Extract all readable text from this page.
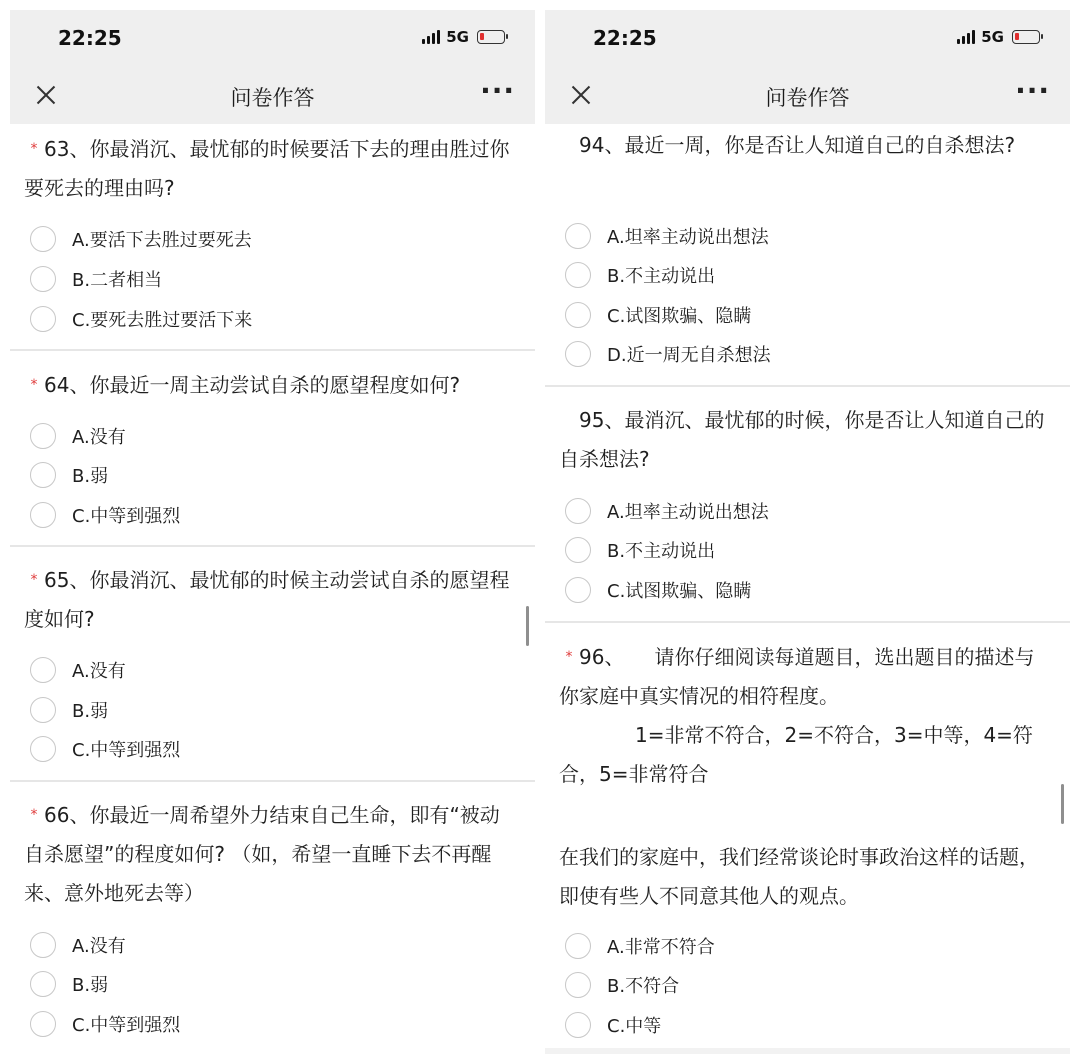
22:25	5G
问卷作答	···
* 63、你最消沉、最忧郁的时候要活下去的理由胜过你要死去的理由吗?
A.要活下去胜过要死去
B.二者相当
C.要死去胜过要活下来
* 64、你最近一周主动尝试自杀的愿望程度如何?
A.没有
B.弱
C.中等到强烈
* 65、你最消沉、最忧郁的时候主动尝试自杀的愿望程度如何?
A.没有
B.弱
C.中等到强烈
* 66、你最近一周希望外力结束自己生命，即有“被动自杀愿望”的程度如何? （如，希望一直睡下去不再醒来、意外地死去等）
A.没有
B.弱
C.中等到强烈
22:25	5G
问卷作答	···
94、最近一周，你是否让人知道自己的自杀想法?
A.坦率主动说出想法
B.不主动说出
C.试图欺骗、隐瞒
D.近一周无自杀想法
95、最消沉、最忧郁的时候，你是否让人知道自己的自杀想法?
A.坦率主动说出想法
B.不主动说出
C.试图欺骗、隐瞒
* 96、　　请你仔细阅读每道题目，选出题目的描述与你家庭中真实情况的相符程度。
1=非常不符合，2=不符合，3=中等，4=符合，5=非常符合
在我们的家庭中，我们经常谈论时事政治这样的话题，即使有些人不同意其他人的观点。
A.非常不符合
B.不符合
C.中等
